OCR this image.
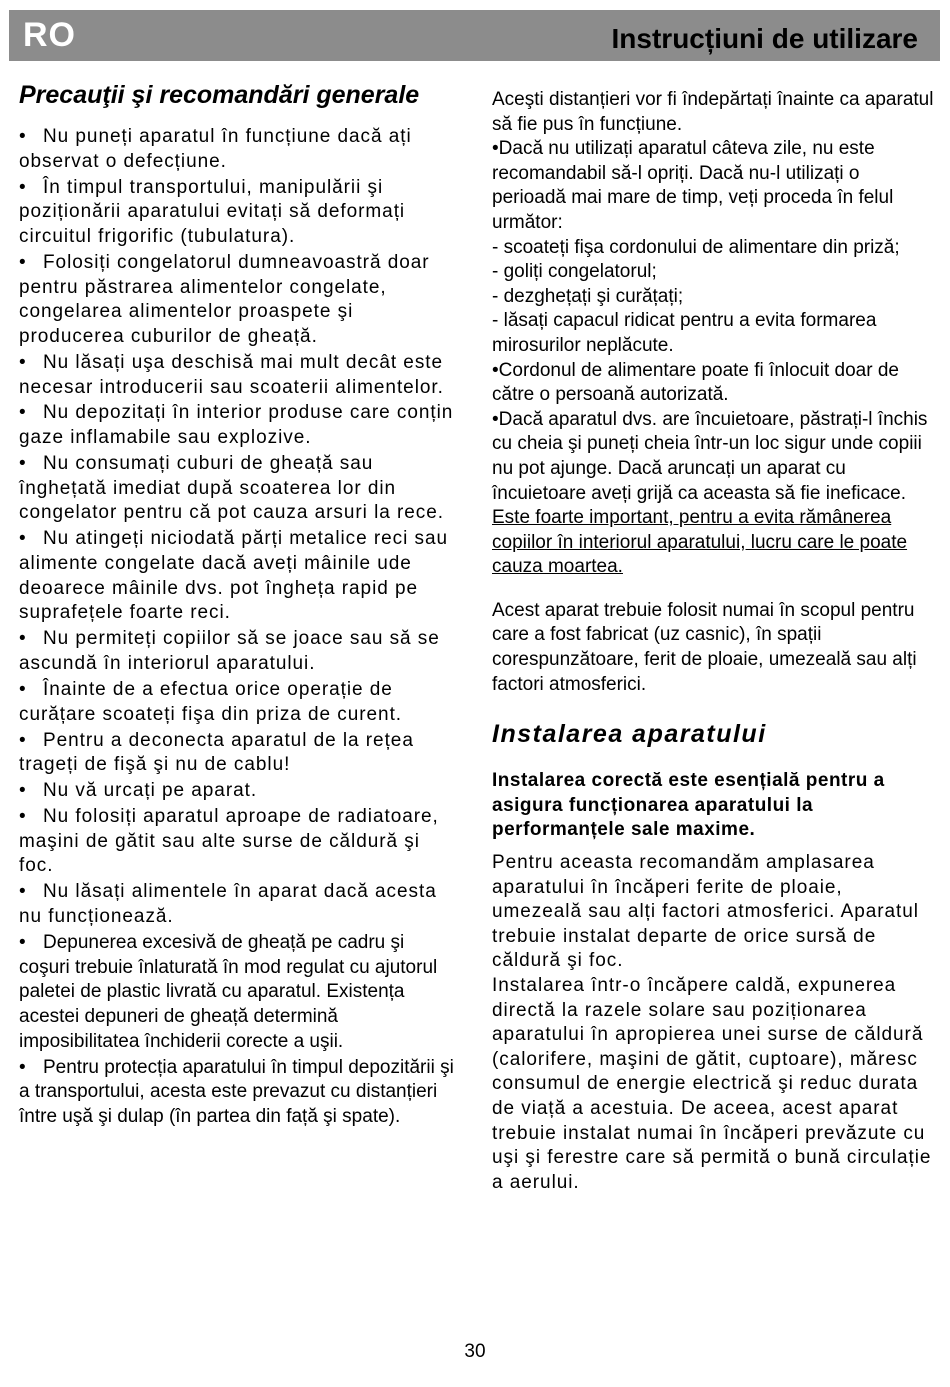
RO	Instrucțiuni de utilizare
Precauţii şi recomandări generale
• Nu puneți aparatul în funcțiune dacă ați observat o defecțiune.
• În timpul transportului, manipulării şi poziționării aparatului evitați să deformați circuitul frigorific (tubulatura).
• Folosiți congelatorul dumneavoastră doar pentru păstrarea alimentelor congelate, congelarea alimentelor proaspete şi producerea cuburilor de gheață.
• Nu lăsați uşa deschisă mai mult decât este necesar introducerii sau scoaterii alimentelor.
• Nu depozitați în interior produse care conțin gaze inflamabile sau explozive.
• Nu consumați cuburi de gheață sau înghețată imediat după scoaterea lor din congelator pentru că pot cauza arsuri la rece.
• Nu atingeți niciodată părți metalice reci sau alimente congelate dacă aveți mâinile ude deoarece mâinile dvs. pot îngheța rapid pe suprafețele foarte reci.
• Nu permiteți copiilor să se joace sau să se ascundă în interiorul aparatului.
• Înainte de a efectua orice operație de curățare scoateți fişa din priza de curent.
• Pentru a deconecta aparatul de la rețea trageți de fişă şi nu de cablu!
• Nu vă urcați pe aparat.
• Nu folosiți aparatul aproape de radiatoare, maşini de gătit sau alte surse de căldură şi foc.
• Nu lăsați alimentele în aparat dacă acesta nu funcționează.
• Depunerea excesivă de gheață pe cadru şi coşuri trebuie înlaturată în mod regulat cu ajutorul paletei de plastic livrată cu aparatul. Existența acestei depuneri de gheață determină imposibilitatea închiderii corecte a uşii.
• Pentru protecția aparatului în timpul depozitării şi a transportului, acesta este prevazut cu distanțieri între uşă şi dulap (în partea din față şi spate).

Aceşti distanțieri vor fi îndepărtați înainte ca aparatul să fie pus în funcțiune.

•Dacă nu utilizați aparatul câteva zile, nu este recomandabil să-l opriți. Dacă nu-l utilizați o perioadă mai mare de timp, veți proceda în felul următor:

- scoateți fişa cordonului de alimentare din priză;

- goliți congelatorul;

- dezghețați şi curățați;

- lăsați capacul ridicat pentru a evita formarea mirosurilor neplăcute.

•Cordonul de alimentare poate fi înlocuit doar de către o persoană autorizată.

•Dacă aparatul dvs. are încuietoare, păstrați-l închis cu cheia şi puneți cheia într-un loc sigur unde copiii nu pot ajunge. Dacă aruncați un aparat cu încuietoare aveți grijă ca aceasta să fie ineficace. Este foarte important, pentru a evita rămânerea copiilor în interiorul aparatului, lucru care le poate cauza moartea.

Acest aparat trebuie folosit numai în scopul pentru care a fost fabricat (uz casnic), în spații corespunzătoare, ferit de ploaie, umezeală sau alți factori atmosferici.

Instalarea aparatului

Instalarea corectă este esențială pentru a asigura funcționarea aparatului la performanțele sale maxime.

Pentru aceasta recomandăm amplasarea aparatului în încăperi ferite de ploaie, umezeală sau alți factori atmosferici. Aparatul trebuie instalat departe de orice sursă de căldură şi foc.

Instalarea într-o încăpere caldă, expunerea directă la razele solare sau poziționarea aparatului în apropierea unei surse de căldură (calorifere, maşini de gătit, cuptoare), măresc consumul de energie electrică şi reduc durata de viață a acestuia. De aceea, acest aparat trebuie instalat numai în încăperi prevăzute cu uşi şi ferestre care să permită o bună circulație a aerului.

30
